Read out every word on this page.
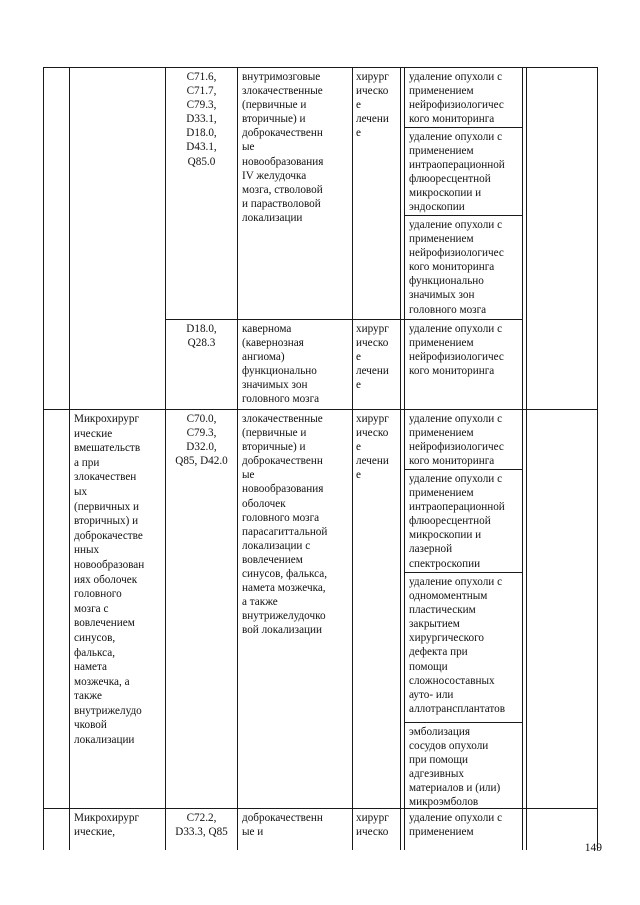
C71.6,
C71.7,
C79.3,
D33.1,
D18.0,
D43.1,
Q85.0
внутримозговые
злокачественные
(первичные и
вторичные) и
доброкачественн
ые
новообразования
IV желудочка
мозга, стволовой
и парастволовой
локализации
хирург
ическо
е
лечени
е
удаление опухоли с
применением
нейрофизиологичес
кого мониторинга
удаление опухоли с
применением
интраоперационной
флюоресцентной
микроскопии и
эндоскопии
удаление опухоли с
применением
нейрофизиологичес
кого мониторинга
функционально
значимых зон
головного мозга
D18.0,
Q28.3
кавернома
(кавернозная
ангиома)
функционально
значимых зон
головного мозга
хирург
ическо
е
лечени
е
удаление опухоли с
применением
нейрофизиологичес
кого мониторинга
Микрохирург
ические
вмешательств
а при
злокачествен
ых
(первичных и
вторичных) и
доброкачестве
нных
новообразован
иях оболочек
головного
мозга с
вовлечением
синусов,
фалькса,
намета
мозжечка, а
также
внутрижелудо
чковой
локализации
C70.0,
C79.3,
D32.0,
Q85, D42.0
злокачественные
(первичные и
вторичные) и
доброкачественн
ые
новообразования
оболочек
головного мозга
парасагиттальной
локализации с
вовлечением
синусов, фалькса,
намета мозжечка,
а также
внутрижелудочко
вой локализации
хирург
ическо
е
лечени
е
удаление опухоли с
применением
нейрофизиологичес
кого мониторинга
удаление опухоли с
применением
интраоперационной
флюоресцентной
микроскопии и
лазерной
спектроскопии
удаление опухоли с
одномоментным
пластическим
закрытием
хирургического
дефекта при
помощи
сложносоставных
ауто- или
аллотрансплантатов
эмболизация
сосудов опухоли
при помощи
адгезивных
материалов и (или)
микроэмболов
Микрохирург
ические,
C72.2,
D33.3, Q85
доброкачественн
ые и
хирург
ическо
удаление опухоли с
применением
149
